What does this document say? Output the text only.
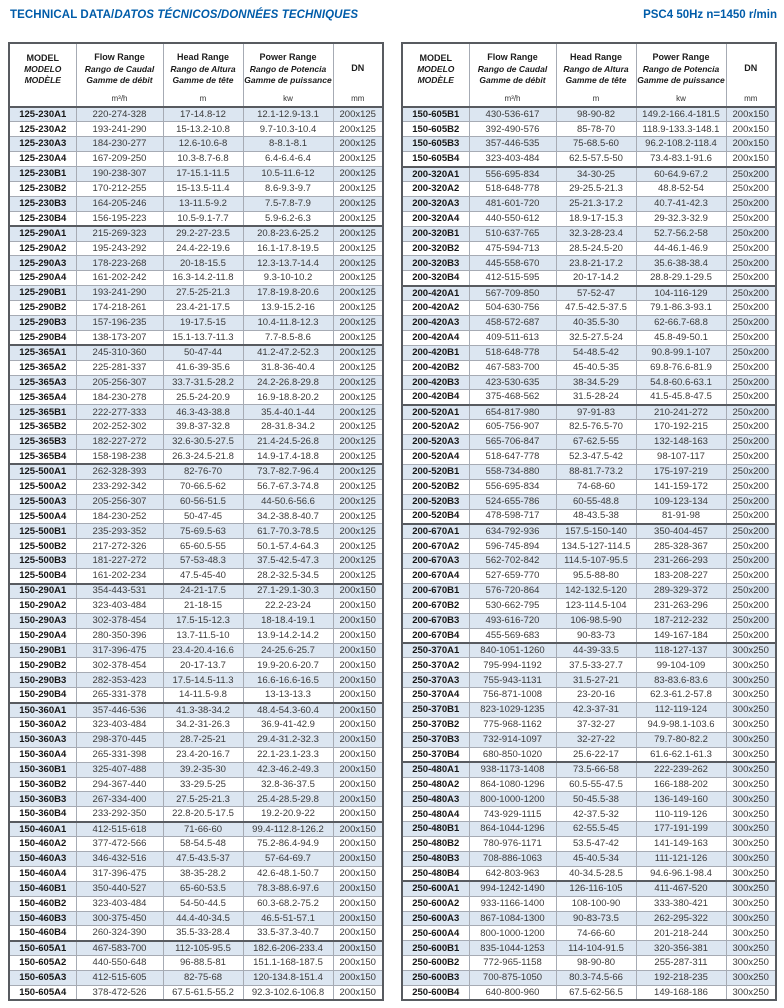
TECHNICAL DATA/DATOS TÉCNICOS/DONNÉES TECHNIQUES	PSC4 50Hz n=1450 r/min
MODEL
MODELO
MODÈLE

Flow Range
Rango de Caudal
Gamme de débit
m³/h

Head Range
Rango de Altura
Gamme de tête
m

Power Range
Rango de Potencia
Gamme de puissance
kw

DN
mm

125-230A1	220-274-328	17-14.8-12	12.1-12.9-13.1	200x125
125-230A2	193-241-290	15-13.2-10.8	9.7-10.3-10.4	200x125
125-230A3	184-230-277	12.6-10.6-8	8-8.1-8.1	200x125
125-230A4	167-209-250	10.3-8.7-6.8	6.4-6.4-6.4	200x125
125-230B1	190-238-307	17-15.1-11.5	10.5-11.6-12	200x125
125-230B2	170-212-255	15-13.5-11.4	8.6-9.3-9.7	200x125
125-230B3	164-205-246	13-11.5-9.2	7.5-7.8-7.9	200x125
125-230B4	156-195-223	10.5-9.1-7.7	5.9-6.2-6.3	200x125
125-290A1	215-269-323	29.2-27-23.5	20.8-23.6-25.2	200x125
125-290A2	195-243-292	24.4-22-19.6	16.1-17.8-19.5	200x125
125-290A3	178-223-268	20-18-15.5	12.3-13.7-14.4	200x125
125-290A4	161-202-242	16.3-14.2-11.8	9.3-10-10.2	200x125
125-290B1	193-241-290	27.5-25-21.3	17.8-19.8-20.6	200x125
125-290B2	174-218-261	23.4-21-17.5	13.9-15.2-16	200x125
125-290B3	157-196-235	19-17.5-15	10.4-11.8-12.3	200x125
125-290B4	138-173-207	15.1-13.7-11.3	7.7-8.5-8.6	200x125
125-365A1	245-310-360	50-47-44	41.2-47.2-52.3	200x125
125-365A2	225-281-337	41.6-39-35.6	31.8-36-40.4	200x125
125-365A3	205-256-307	33.7-31.5-28.2	24.2-26.8-29.8	200x125
125-365A4	184-230-278	25.5-24-20.9	16.9-18.8-20.2	200x125
125-365B1	222-277-333	46.3-43-38.8	35.4-40.1-44	200x125
125-365B2	202-252-302	39.8-37-32.8	28-31.8-34.2	200x125
125-365B3	182-227-272	32.6-30.5-27.5	21.4-24.5-26.8	200x125
125-365B4	158-198-238	26.3-24.5-21.8	14.9-17.4-18.8	200x125
125-500A1	262-328-393	82-76-70	73.7-82.7-96.4	200x125
125-500A2	233-292-342	70-66.5-62	56.7-67.3-74.8	200x125
125-500A3	205-256-307	60-56-51.5	44-50.6-56.6	200x125
125-500A4	184-230-252	50-47-45	34.2-38.8-40.7	200x125
125-500B1	235-293-352	75-69.5-63	61.7-70.3-78.5	200x125
125-500B2	217-272-326	65-60.5-55	50.1-57.4-64.3	200x125
125-500B3	181-227-272	57-53-48.3	37.5-42.5-47.3	200x125
125-500B4	161-202-234	47.5-45-40	28.2-32.5-34.5	200x125
150-290A1	354-443-531	24-21-17.5	27.1-29.1-30.3	200x150
150-290A2	323-403-484	21-18-15	22.2-23-24	200x150
150-290A3	302-378-454	17.5-15-12.3	18-18.4-19.1	200x150
150-290A4	280-350-396	13.7-11.5-10	13.9-14.2-14.2	200x150
150-290B1	317-396-475	23.4-20.4-16.6	24-25.6-25.7	200x150
150-290B2	302-378-454	20-17-13.7	19.9-20.6-20.7	200x150
150-290B3	282-353-423	17.5-14.5-11.3	16.6-16.6-16.5	200x150
150-290B4	265-331-378	14-11.5-9.8	13-13-13.3	200x150
150-360A1	357-446-536	41.3-38-34.2	48.4-54.3-60.4	200x150
150-360A2	323-403-484	34.2-31-26.3	36.9-41-42.9	200x150
150-360A3	298-370-445	28.7-25-21	29.4-31.2-32.3	200x150
150-360A4	265-331-398	23.4-20-16.7	22.1-23.1-23.3	200x150
150-360B1	325-407-488	39.2-35-30	42.3-46.2-49.3	200x150
150-360B2	294-367-440	33-29.5-25	32.8-36-37.5	200x150
150-360B3	267-334-400	27.5-25-21.3	25.4-28.5-29.8	200x150
150-360B4	233-292-350	22.8-20.5-17.5	19.2-20.9-22	200x150
150-460A1	412-515-618	71-66-60	99.4-112.8-126.2	200x150
150-460A2	377-472-566	58-54.5-48	75.2-86.4-94.9	200x150
150-460A3	346-432-516	47.5-43.5-37	57-64-69.7	200x150
150-460A4	317-396-475	38-35-28.2	42.6-48.1-50.7	200x150
150-460B1	350-440-527	65-60-53.5	78.3-88.6-97.6	200x150
150-460B2	323-403-484	54-50-44.5	60.3-68.2-75.2	200x150
150-460B3	300-375-450	44.4-40-34.5	46.5-51-57.1	200x150
150-460B4	260-324-390	35.5-33-28.4	33.5-37.3-40.7	200x150
150-605A1	467-583-700	112-105-95.5	182.6-206-233.4	200x150
150-605A2	440-550-648	96-88.5-81	151.1-168-187.5	200x150
150-605A3	412-515-605	82-75-68	120-134.8-151.4	200x150
150-605A4	378-472-526	67.5-61.5-55.2	92.3-102.6-106.8	200x150
MODEL
MODELO
MODÈLE

Flow Range
Rango de Caudal
Gamme de débit
m³/h

Head Range
Rango de Altura
Gamme de tête
m

Power Range
Rango de Potencia
Gamme de puissance
kw

DN
mm

150-605B1	430-536-617	98-90-82	149.2-166.4-181.5	200x150
150-605B2	392-490-576	85-78-70	118.9-133.3-148.1	200x150
150-605B3	357-446-535	75-68.5-60	96.2-108.2-118.4	200x150
150-605B4	323-403-484	62.5-57.5-50	73.4-83.1-91.6	200x150
200-320A1	556-695-834	34-30-25	60-64.9-67.2	250x200
200-320A2	518-648-778	29-25.5-21.3	48.8-52-54	250x200
200-320A3	481-601-720	25-21.3-17.2	40.7-41-42.3	250x200
200-320A4	440-550-612	18.9-17-15.3	29-32.3-32.9	250x200
200-320B1	510-637-765	32.3-28-23.4	52.7-56.2-58	250x200
200-320B2	475-594-713	28.5-24.5-20	44-46.1-46.9	250x200
200-320B3	445-558-670	23.8-21-17.2	35.6-38-38.4	250x200
200-320B4	412-515-595	20-17-14.2	28.8-29.1-29.5	250x200
200-420A1	567-709-850	57-52-47	104-116-129	250x200
200-420A2	504-630-756	47.5-42.5-37.5	79.1-86.3-93.1	250x200
200-420A3	458-572-687	40-35.5-30	62-66.7-68.8	250x200
200-420A4	409-511-613	32.5-27.5-24	45.8-49-50.1	250x200
200-420B1	518-648-778	54-48.5-42	90.8-99.1-107	250x200
200-420B2	467-583-700	45-40.5-35	69.8-76.6-81.9	250x200
200-420B3	423-530-635	38-34.5-29	54.8-60.6-63.1	250x200
200-420B4	375-468-562	31.5-28-24	41.5-45.8-47.5	250x200
200-520A1	654-817-980	97-91-83	210-241-272	250x200
200-520A2	605-756-907	82.5-76.5-70	170-192-215	250x200
200-520A3	565-706-847	67-62.5-55	132-148-163	250x200
200-520A4	518-647-778	52.3-47.5-42	98-107-117	250x200
200-520B1	558-734-880	88-81.7-73.2	175-197-219	250x200
200-520B2	556-695-834	74-68-60	141-159-172	250x200
200-520B3	524-655-786	60-55-48.8	109-123-134	250x200
200-520B4	478-598-717	48-43.5-38	81-91-98	250x200
200-670A1	634-792-936	157.5-150-140	350-404-457	250x200
200-670A2	596-745-894	134.5-127-114.5	285-328-367	250x200
200-670A3	562-702-842	114.5-107-95.5	231-266-293	250x200
200-670A4	527-659-770	95.5-88-80	183-208-227	250x200
200-670B1	576-720-864	142-132.5-120	289-329-372	250x200
200-670B2	530-662-795	123-114.5-104	231-263-296	250x200
200-670B3	493-616-720	106-98.5-90	187-212-232	250x200
200-670B4	455-569-683	90-83-73	149-167-184	250x200
250-370A1	840-1051-1260	44-39-33.5	118-127-137	300x250
250-370A2	795-994-1192	37.5-33-27.7	99-104-109	300x250
250-370A3	755-943-1131	31.5-27-21	83-83.6-83.6	300x250
250-370A4	756-871-1008	23-20-16	62.3-61.2-57.8	300x250
250-370B1	823-1029-1235	42.3-37-31	112-119-124	300x250
250-370B2	775-968-1162	37-32-27	94.9-98.1-103.6	300x250
250-370B3	732-914-1097	32-27-22	79.7-80-82.2	300x250
250-370B4	680-850-1020	25.6-22-17	61.6-62.1-61.3	300x250
250-480A1	938-1173-1408	73.5-66-58	222-239-262	300x250
250-480A2	864-1080-1296	60.5-55-47.5	166-188-202	300x250
250-480A3	800-1000-1200	50-45.5-38	136-149-160	300x250
250-480A4	743-929-1115	42-37.5-32	110-119-126	300x250
250-480B1	864-1044-1296	62-55.5-45	177-191-199	300x250
250-480B2	780-976-1171	53.5-47-42	141-149-163	300x250
250-480B3	708-886-1063	45-40.5-34	111-121-126	300x250
250-480B4	642-803-963	40-34.5-28.5	94.6-96.1-98.4	300x250
250-600A1	994-1242-1490	126-116-105	411-467-520	300x250
250-600A2	933-1166-1400	108-100-90	333-380-421	300x250
250-600A3	867-1084-1300	90-83-73.5	262-295-322	300x250
250-600A4	800-1000-1200	74-66-60	201-218-244	300x250
250-600B1	835-1044-1253	114-104-91.5	320-356-381	300x250
250-600B2	772-965-1158	98-90-80	255-287-311	300x250
250-600B3	700-875-1050	80.3-74.5-66	192-218-235	300x250
250-600B4	640-800-960	67.5-62-56.5	149-168-186	300x250
